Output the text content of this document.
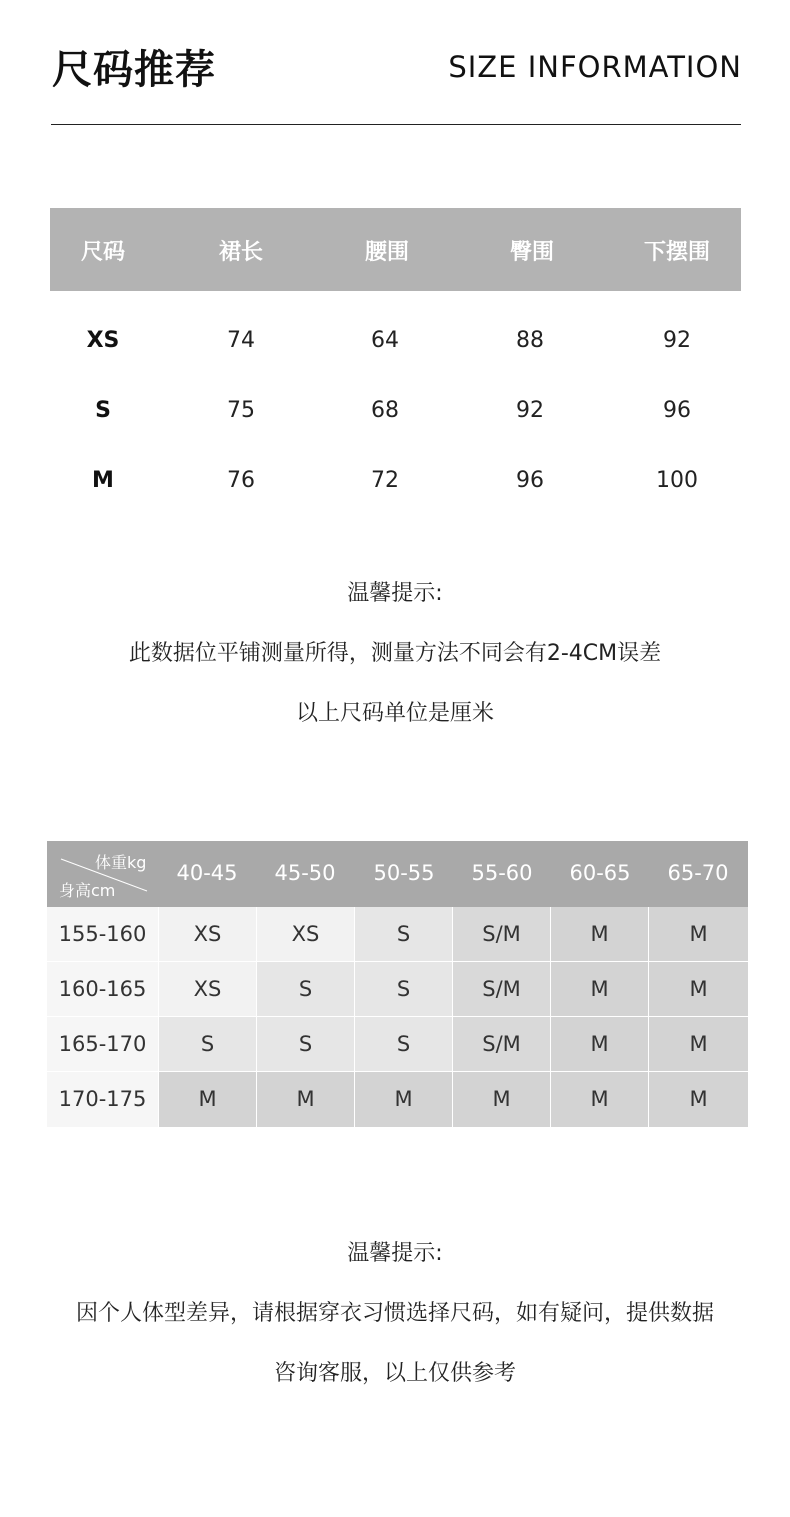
尺码推荐	SIZE INFORMATION
尺码	裙长	腰围	臀围	下摆围
XS	74	64	88	92
S	75	68	92	96
M	76	72	96	100
温馨提示:
此数据位平铺测量所得，测量方法不同会有2-4CM误差
以上尺码单位是厘米
体重kg
身高cm
40-45 45-50 50-55 55-60 60-65 65-70
155-160	XS	XS	S	S/M	M	M
160-165	XS	S	S	S/M	M	M
165-170	S	S	S	S/M	M	M
170-175	M	M	M	M	M	M
温馨提示:
因个人体型差异，请根据穿衣习惯选择尺码，如有疑问，提供数据
咨询客服，以上仅供参考
